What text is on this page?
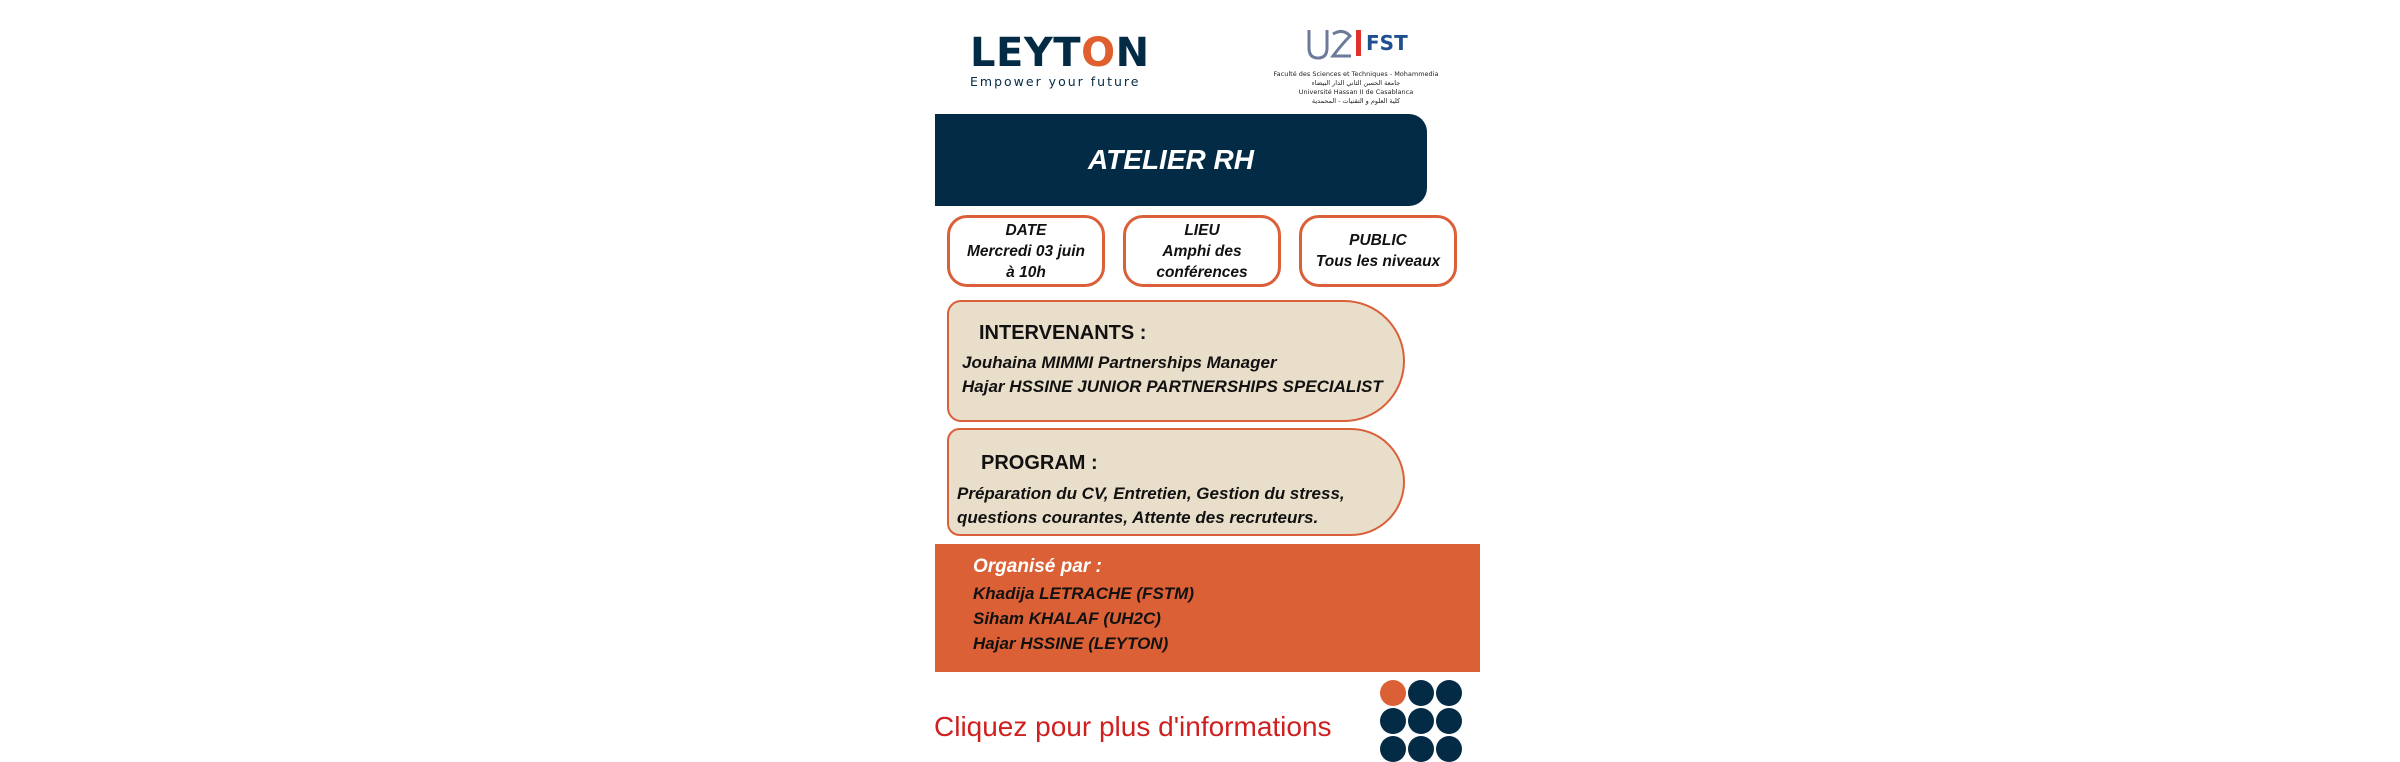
LEYTON
Empower your future
FST
Faculté des Sciences et Techniques - Mohammedia
جامعة الحسن الثاني الدار البيضاء
Université Hassan II de Casablanca
كلية العلوم و التقنيات - المحمدية
ATELIER RH
DATE
Mercredi 03 juin
à 10h
LIEU
Amphi des
conférences
PUBLIC
Tous les niveaux
INTERVENANTS :
Jouhaina MIMMI Partnerships Manager
Hajar HSSINE JUNIOR PARTNERSHIPS SPECIALIST
PROGRAM :
Préparation du CV, Entretien, Gestion du stress,
questions courantes, Attente des recruteurs.
Organisé par :
Khadija LETRACHE (FSTM)
Siham KHALAF (UH2C)
Hajar HSSINE (LEYTON)
Cliquez pour plus d'informations
